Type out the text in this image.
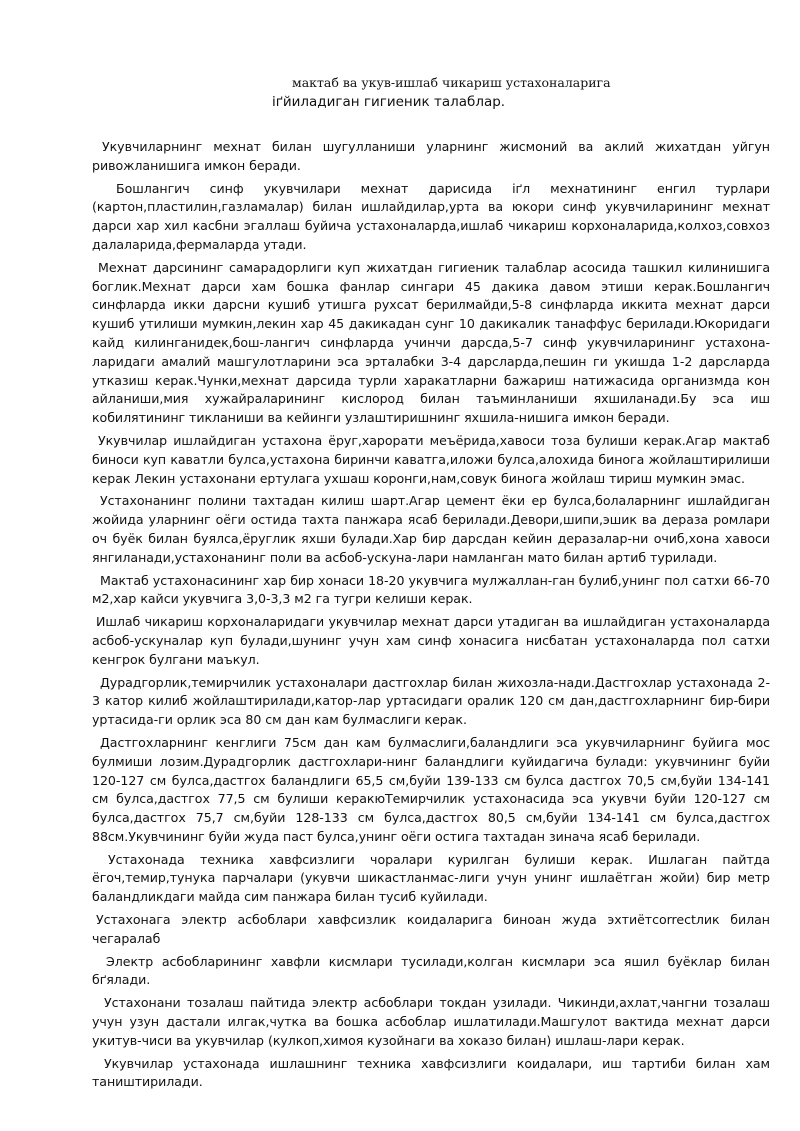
мактаб ва укув-ишлаб чикариш устахоналарига
іґйиладиган гигиеник талаблар.

Укувчиларнинг мехнат билан шугулланиши уларнинг жисмоний ва аклий жихатдан уйгун ривожланишига имкон беради.

Бошлангич синф укувчилари мехнат дарисида іґл мехнатининг енгил турлари (картон,пластилин,газламалар) билан ишлайдилар,урта ва юкори синф укувчиларининг мехнат дарси хар хил касбни эгаллаш буйича устахоналарда,ишлаб чикариш корхоналарида,колхоз,совхоз далаларида,фермаларда утади.

Мехнат дарсининг самарадорлиги куп жихатдан гигиеник талаблар асосида ташкил килинишига боглик.Мехнат дарси хам бошка фанлар сингари 45 дакика давом этиши керак.Бошлангич синфларда икки дарсни кушиб утишга рухсат берилмайди,5-8 синфларда иккита мехнат дарси кушиб утилиши мумкин,лекин хар 45 дакикадан сунг 10 дакикалик танаффус берилади.Юкоридаги кайд килинганидек,бош-лангич синфларда учинчи дарсда,5-7 синф укувчиларининг устахона-ларидаги амалий машгулотларини эса эрталабки 3-4 дарсларда,пешин ги укишда 1-2 дарсларда утказиш керак.Чунки,мехнат дарсида турли харакатларни бажариш натижасида организмда кон айланиши,мия хужайраларининг кислород билан таъминланиши яхшиланади.Бу эса иш кобилятининг тикланиши ва кейинги узлаштиришнинг яхшила-нишига имкон беради.

Укувчилар ишлайдиган устахона ёруг,харорати меъёрида,хавоси тоза булиши керак.Агар мактаб биноси куп каватли булса,устахона биринчи каватга,иложи булса,алохида бинога жойлаштирилиши керак Лекин устахонани ертулага ухшаш коронги,нам,совук бинога жойлаш тириш мумкин эмас.

Устахонанинг полини тахтадан килиш шарт.Агар цемент ёки ер булса,болаларнинг ишлайдиган жойида уларнинг оёги остида тахта панжара ясаб берилади.Девори,шипи,эшик ва дераза ромлари оч буёк билан буялса,ёруглик яхши булади.Хар бир дарсдан кейин деразалар-ни очиб,хона хавоси янгиланади,устахонанинг поли ва асбоб-ускуна-лари намланган мато билан артиб турилади.

Мактаб устахонасининг хар бир хонаси 18-20 укувчига мулжаллан-ган булиб,унинг пол сатхи 66-70 м2,хар кайси укувчига 3,0-3,3 м2 га тугри келиши керак.

Ишлаб чикариш корхоналаридаги укувчилар мехнат дарси утадиган ва ишлайдиган устахоналарда асбоб-ускуналар куп булади,шунинг учун хам синф хонасига нисбатан устахоналарда пол сатхи кенгрок булгани маъкул.

Дурадгорлик,темирчилик устахоналари дастгохлар билан жихозла-нади.Дастгохлар устахонада 2-3 катор килиб жойлаштирилади,катор-лар уртасидаги оралик 120 см дан,дастгохларнинг бир-бири уртасида-ги орлик эса 80 см дан кам булмаслиги керак.

Дастгохларнинг кенглиги 75см дан кам булмаслиги,баландлиги эса укувчиларнинг буйига мос булмиши лозим.Дурадгорлик дастгохлари-нинг баландлиги куйидагича булади: укувчининг буйи 120-127 см булса,дастгох баландлиги 65,5 см,буйи 139-133 см булса дастгох 70,5 см,буйи 134-141 см булса,дастгох 77,5 см булиши керакюТемирчилик устахонасида эса укувчи буйи 120-127 см булса,дастгох 75,7 см,буйи 128-133 см булса,дастгох 80,5 см,буйи 134-141 см булса,дастгох 88см.Укувчининг буйи жуда паст булса,унинг оёги остига тахтадан зинача ясаб берилади.

Устахонада техника хавфсизлиги чоралари курилган булиши керак. Ишлаган пайтда ёгоч,темир,тунука парчалари (укувчи шикастланмас-лиги учун унинг ишлаётган жойи) бир метр баландликдаги майда сим панжара билан тусиб куйилади.

Устахонага электр асбоблари хавфсизлик коидаларига биноан жуда эхтиётcorrectлик билан чегаралаб

Электр асбобларининг хавфли кисмлари тусилади,колган кисмлари эса яшил буёклар билан бґялади.

Устахонани тозалаш пайтида электр асбоблари токдан узилади. Чикинди,ахлат,чангни тозалаш учун узун дастали илгак,чутка ва бошка асбоблар ишлатилади.Машгулот вактида мехнат дарси укитув-чиси ва укувчилар (кулкоп,химоя кузойнаги ва хоказо билан) ишлаш-лари керак.

Укувчилар устахонада ишлашнинг техника хавфсизлиги коидалари, иш тартиби билан хам таништирилади.
